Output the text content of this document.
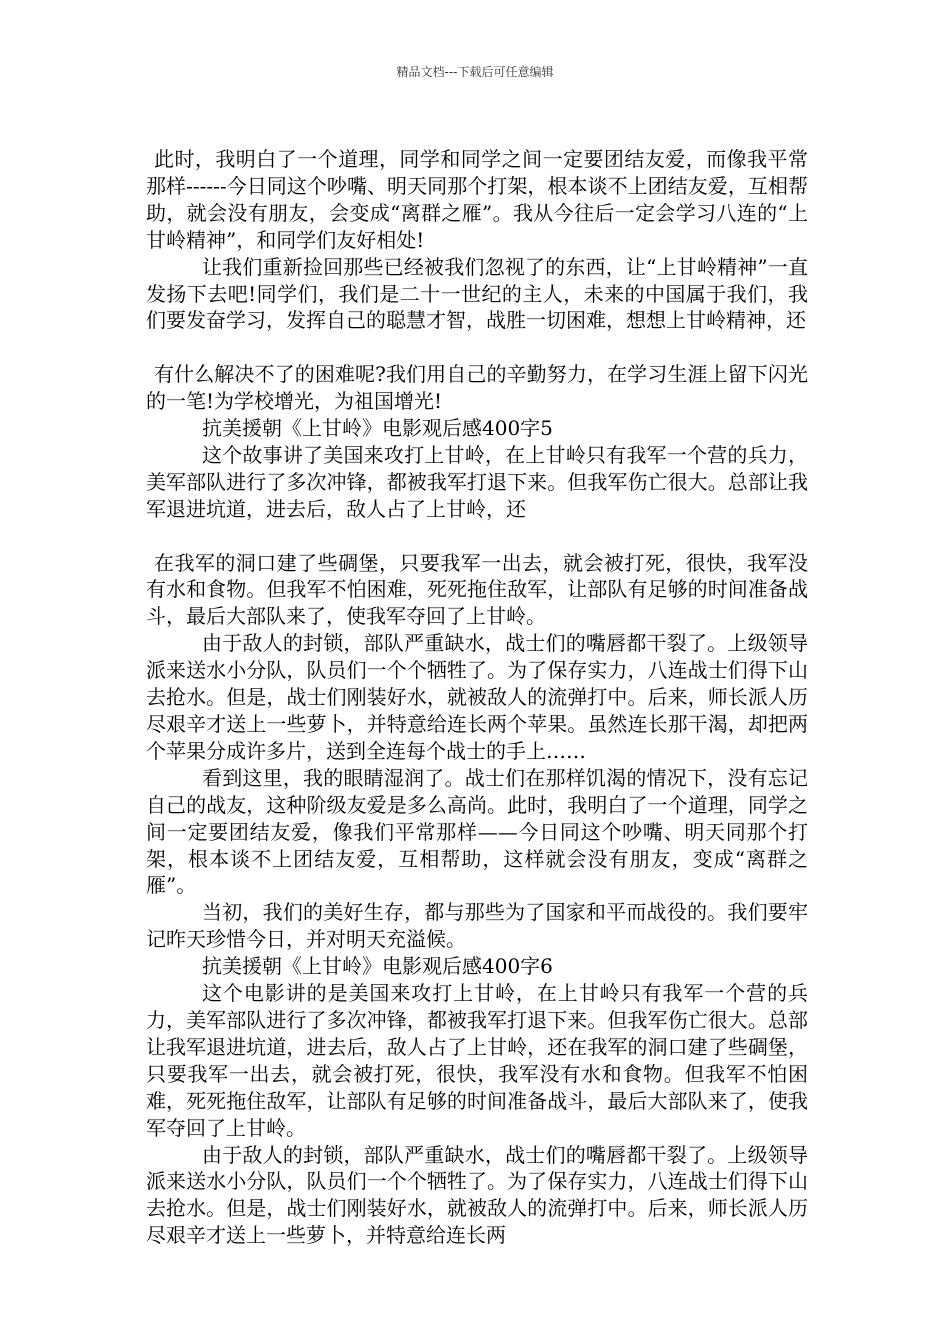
精品文档---下载后可任意编辑

此时，我明白了一个道理，同学和同学之间一定要团结友爱，而像我平常那样------今日同这个吵嘴、明天同那个打架，根本谈不上团结友爱，互相帮助，就会没有朋友，会变成“离群之雁”。我从今往后一定会学习八连的“上甘岭精神”，和同学们友好相处!

让我们重新捡回那些已经被我们忽视了的东西，让“上甘岭精神”一直发扬下去吧!同学们，我们是二十一世纪的主人，未来的中国属于我们，我们要发奋学习，发挥自己的聪慧才智，战胜一切困难，想想上甘岭精神，还

有什么解决不了的困难呢?我们用自己的辛勤努力，在学习生涯上留下闪光的一笔!为学校增光，为祖国增光!

抗美援朝《上甘岭》电影观后感400字5

这个故事讲了美国来攻打上甘岭，在上甘岭只有我军一个营的兵力，美军部队进行了多次冲锋，都被我军打退下来。但我军伤亡很大。总部让我军退进坑道，进去后，敌人占了上甘岭，还

在我军的洞口建了些碉堡，只要我军一出去，就会被打死，很快，我军没有水和食物。但我军不怕困难，死死拖住敌军，让部队有足够的时间准备战斗，最后大部队来了，使我军夺回了上甘岭。

由于敌人的封锁，部队严重缺水，战士们的嘴唇都干裂了。上级领导派来送水小分队，队员们一个个牺牲了。为了保存实力，八连战士们得下山去抢水。但是，战士们刚装好水，就被敌人的流弹打中。后来，师长派人历尽艰辛才送上一些萝卜，并特意给连长两个苹果。虽然连长那干渴，却把两个苹果分成许多片，送到全连每个战士的手上……

看到这里，我的眼睛湿润了。战士们在那样饥渴的情况下，没有忘记自己的战友，这种阶级友爱是多么高尚。此时，我明白了一个道理，同学之间一定要团结友爱，像我们平常那样——今日同这个吵嘴、明天同那个打架，根本谈不上团结友爱，互相帮助，这样就会没有朋友，变成“离群之雁”。

当初，我们的美好生存，都与那些为了国家和平而战役的。我们要牢记昨天珍惜今日，并对明天充溢候。

抗美援朝《上甘岭》电影观后感400字6

这个电影讲的是美国来攻打上甘岭，在上甘岭只有我军一个营的兵力，美军部队进行了多次冲锋，都被我军打退下来。但我军伤亡很大。总部让我军退进坑道，进去后，敌人占了上甘岭，还在我军的洞口建了些碉堡，只要我军一出去，就会被打死，很快，我军没有水和食物。但我军不怕困难，死死拖住敌军，让部队有足够的时间准备战斗，最后大部队来了，使我军夺回了上甘岭。

由于敌人的封锁，部队严重缺水，战士们的嘴唇都干裂了。上级领导派来送水小分队，队员们一个个牺牲了。为了保存实力，八连战士们得下山去抢水。但是，战士们刚装好水，就被敌人的流弹打中。后来，师长派人历尽艰辛才送上一些萝卜，并特意给连长两
